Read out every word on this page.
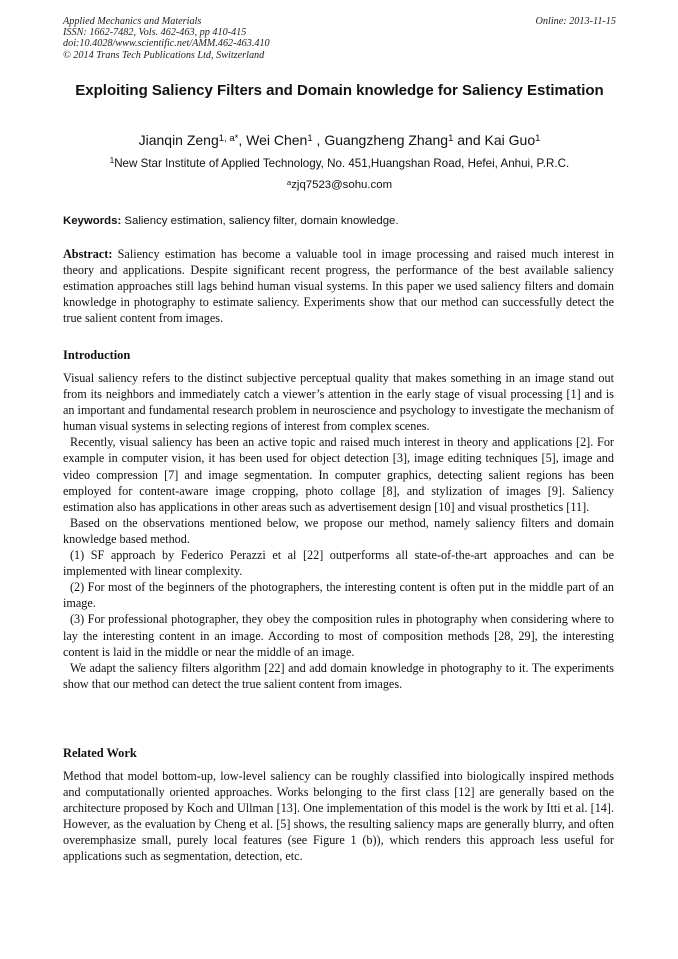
Applied Mechanics and Materials
ISSN: 1662-7482, Vols. 462-463, pp 410-415
doi:10.4028/www.scientific.net/AMM.462-463.410
© 2014 Trans Tech Publications Ltd, Switzerland
Online: 2013-11-15
Exploiting Saliency Filters and Domain knowledge for Saliency Estimation
Jianqin Zeng$^{1, a*}$, Wei Chen$^1$ , Guangzheng Zhang$^1$ and Kai Guo$^1$
$^1$New Star Institute of Applied Technology, No. 451,Huangshan Road, Hefei, Anhui, P.R.C.
$^a$zjq7523@sohu.com
Keywords: Saliency estimation, saliency filter, domain knowledge.

Abstract: Saliency estimation has become a valuable tool in image processing and raised much interest in theory and applications. Despite significant recent progress, the performance of the best available saliency estimation approaches still lags behind human visual systems. In this paper we used saliency filters and domain knowledge in photography to estimate saliency. Experiments show that our method can successfully detect the true salient content from images.

Introduction

Visual saliency refers to the distinct subjective perceptual quality that makes something in an image stand out from its neighbors and immediately catch a viewer’s attention in the early stage of visual processing [1] and is an important and fundamental research problem in neuroscience and psychology to investigate the mechanism of human visual systems in selecting regions of interest from complex scenes.

Recently, visual saliency has been an active topic and raised much interest in theory and applications [2]. For example in computer vision, it has been used for object detection [3], image editing techniques [5], image and video compression [7] and image segmentation. In computer graphics, detecting salient regions has been employed for content-aware image cropping, photo collage [8], and stylization of images [9]. Saliency estimation also has applications in other areas such as advertisement design [10] and visual prosthetics [11].

Based on the observations mentioned below, we propose our method, namely saliency filters and domain knowledge based method.

(1) SF approach by Federico Perazzi et al [22] outperforms all state-of-the-art approaches and can be implemented with linear complexity.

(2) For most of the beginners of the photographers, the interesting content is often put in the middle part of an image.

(3) For professional photographer, they obey the composition rules in photography when considering where to lay the interesting content in an image. According to most of composition methods [28, 29], the interesting content is laid in the middle or near the middle of an image.

We adapt the saliency filters algorithm [22] and add domain knowledge in photography to it. The experiments show that our method can detect the true salient content from images.

Related Work

Method that model bottom-up, low-level saliency can be roughly classified into biologically inspired methods and computationally oriented approaches. Works belonging to the first class [12] are generally based on the architecture proposed by Koch and Ullman [13]. One implementation of this model is the work by Itti et al. [14]. However, as the evaluation by Cheng et al. [5] shows, the resulting saliency maps are generally blurry, and often overemphasize small, purely local features (see Figure 1 (b)), which renders this approach less useful for applications such as segmentation, detection, etc.
